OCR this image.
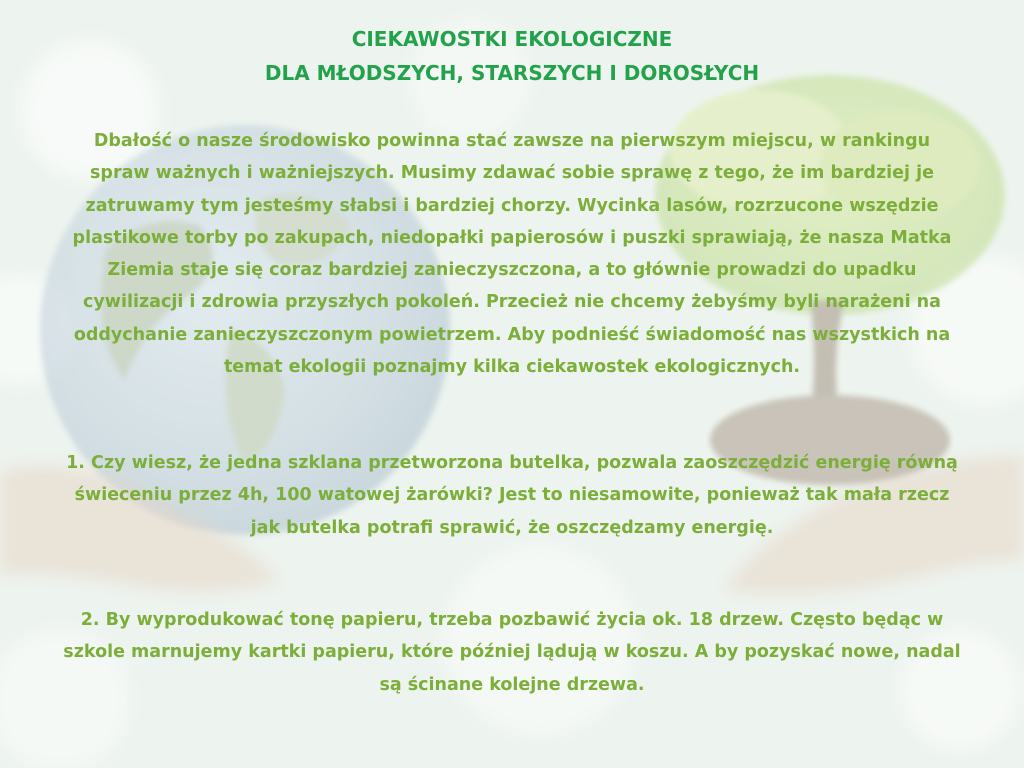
CIEKAWOSTKI EKOLOGICZNE
DLA MŁODSZYCH, STARSZYCH I DOROSŁYCH

Dbałość o nasze środowisko powinna stać zawsze na pierwszym miejscu, w rankingu spraw ważnych i ważniejszych. Musimy zdawać sobie sprawę z tego, że im bardziej je zatruwamy tym jesteśmy słabsi i bardziej chorzy. Wycinka lasów, rozrzucone wszędzie plastikowe torby po zakupach, niedopałki papierosów i puszki sprawiają, że nasza Matka Ziemia staje się coraz bardziej zanieczyszczona, a to głównie prowadzi do upadku cywilizacji i zdrowia przyszłych pokoleń. Przecież nie chcemy żebyśmy byli narażeni na oddychanie zanieczyszczonym powietrzem. Aby podnieść świadomość nas wszystkich na temat ekologii poznajmy kilka ciekawostek ekologicznych.

1. Czy wiesz, że jedna szklana przetworzona butelka, pozwala zaoszczędzić energię równą świeceniu przez 4h, 100 watowej żarówki? Jest to niesamowite, ponieważ tak mała rzecz jak butelka potrafi sprawić, że oszczędzamy energię.

2. By wyprodukować tonę papieru, trzeba pozbawić życia ok. 18 drzew. Często będąc w szkole marnujemy kartki papieru, które później lądują w koszu. A by pozyskać nowe, nadal są ścinane kolejne drzewa.
